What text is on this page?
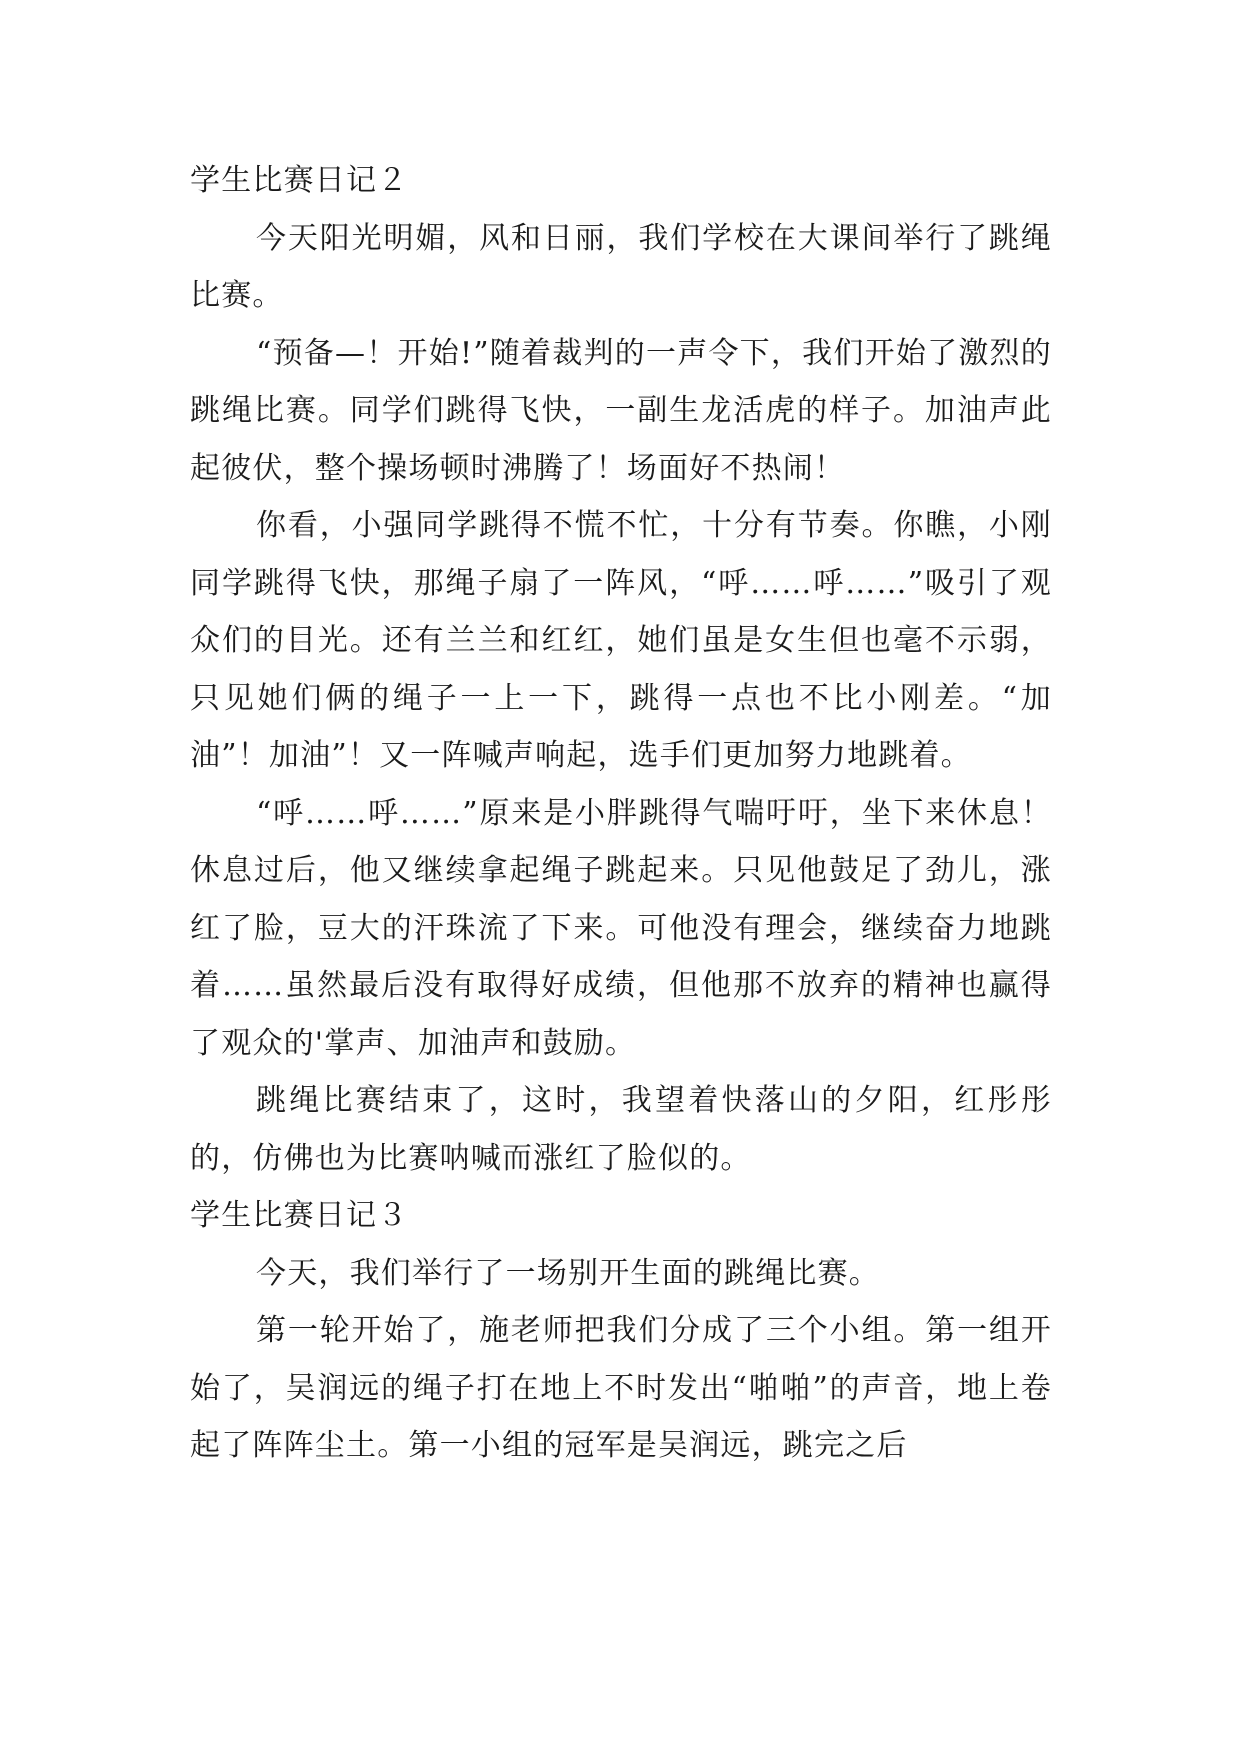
学生比赛日记２

今天阳光明媚，风和日丽，我们学校在大课间举行了跳绳比赛。

“预备—！开始!”随着裁判的一声令下，我们开始了激烈的跳绳比赛。同学们跳得飞快，一副生龙活虎的样子。加油声此起彼伏，整个操场顿时沸腾了！场面好不热闹！

你看，小强同学跳得不慌不忙，十分有节奏。你瞧，小刚同学跳得飞快，那绳子扇了一阵风，“呼……呼……”吸引了观众们的目光。还有兰兰和红红，她们虽是女生但也毫不示弱，只见她们俩的绳子一上一下，跳得一点也不比小刚差。“加油”！加油”！又一阵喊声响起，选手们更加努力地跳着。

“呼……呼……”原来是小胖跳得气喘吁吁，坐下来休息！休息过后，他又继续拿起绳子跳起来。只见他鼓足了劲儿，涨红了脸，豆大的汗珠流了下来。可他没有理会，继续奋力地跳着……虽然最后没有取得好成绩，但他那不放弃的精神也赢得了观众的'掌声、加油声和鼓励。

跳绳比赛结束了，这时，我望着快落山的夕阳，红彤彤的，仿佛也为比赛呐喊而涨红了脸似的。

学生比赛日记３

今天，我们举行了一场别开生面的跳绳比赛。

第一轮开始了，施老师把我们分成了三个小组。第一组开始了，吴润远的绳子打在地上不时发出“啪啪”的声音，地上卷起了阵阵尘土。第一小组的冠军是吴润远，跳完之后
